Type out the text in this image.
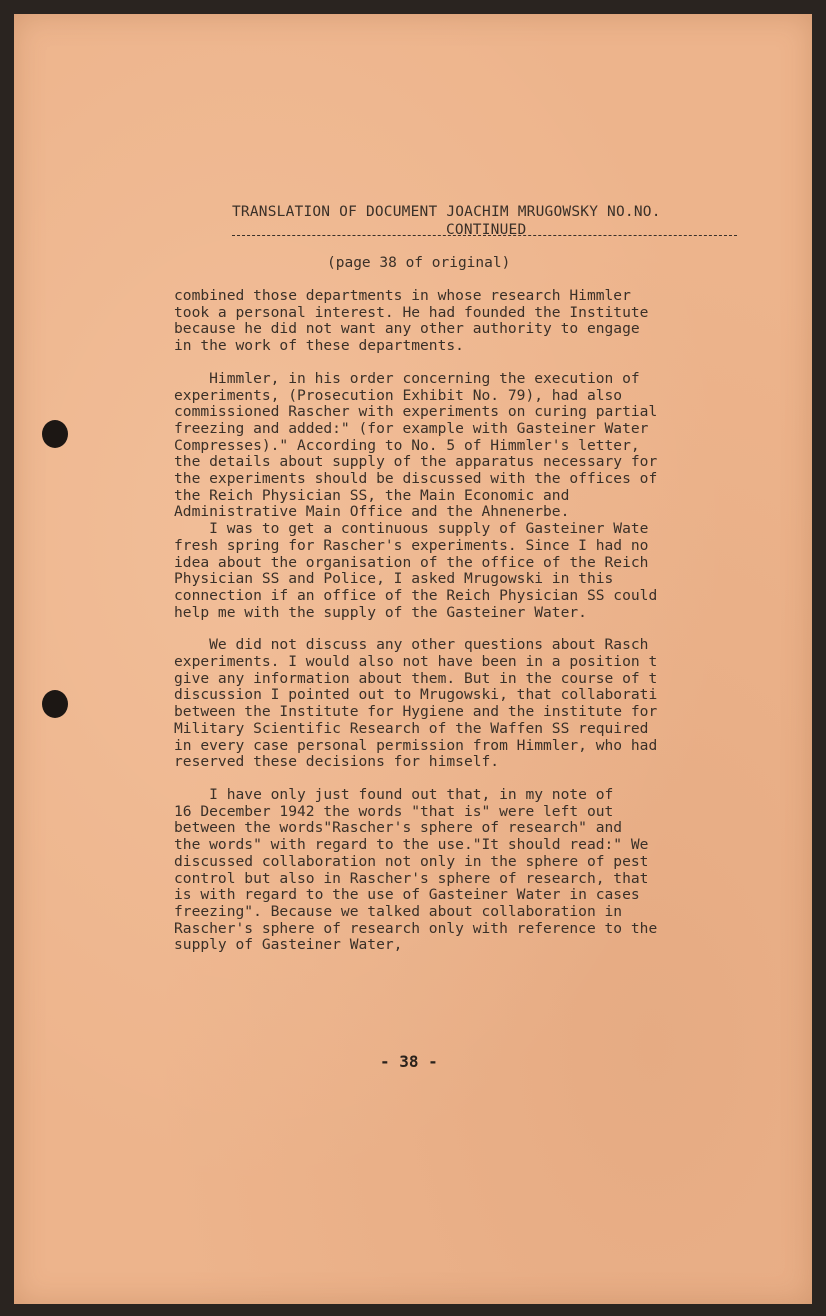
TRANSLATION OF DOCUMENT JOACHIM MRUGOWSKY NO.NO.

CONTINUED

(page 38 of original)
combined those departments in whose research Himmler
took a personal interest. He had founded the Institute
because he did not want any other authority to engage
in the work of these departments.
Himmler, in his order concerning the execution of
experiments, (Prosecution Exhibit No. 79), had also
commissioned Rascher with experiments on curing partial
freezing and added:" (for example with Gasteiner Water
Compresses)." According to No. 5 of Himmler's letter,
the details about supply of the apparatus necessary for
the experiments should be discussed with the offices of
the Reich Physician SS, the Main Economic and
Administrative Main Office and the Ahnenerbe.
I was to get a continuous supply of Gasteiner Wate
fresh spring for Rascher's experiments. Since I had no
idea about the organisation of the office of the Reich
Physician SS and Police, I asked Mrugowski in this
connection if an office of the Reich Physician SS could
help me with the supply of the Gasteiner Water.
We did not discuss any other questions about Rasch
experiments. I would also not have been in a position t
give any information about them. But in the course of t
discussion I pointed out to Mrugowski, that collaborati
between the Institute for Hygiene and the institute for
Military Scientific Research of the Waffen SS required
in every case personal permission from Himmler, who had
reserved these decisions for himself.
I have only just found out that, in my note of
16 December 1942 the words "that is" were left out
between the words"Rascher's sphere of research" and
the words" with regard to the use."It should read:" We
discussed collaboration not only in the sphere of pest
control but also in Rascher's sphere of research, that
is with regard to the use of Gasteiner Water in cases
freezing". Because we talked about collaboration in
Rascher's sphere of research only with reference to the
supply of Gasteiner Water,
- 38 -
